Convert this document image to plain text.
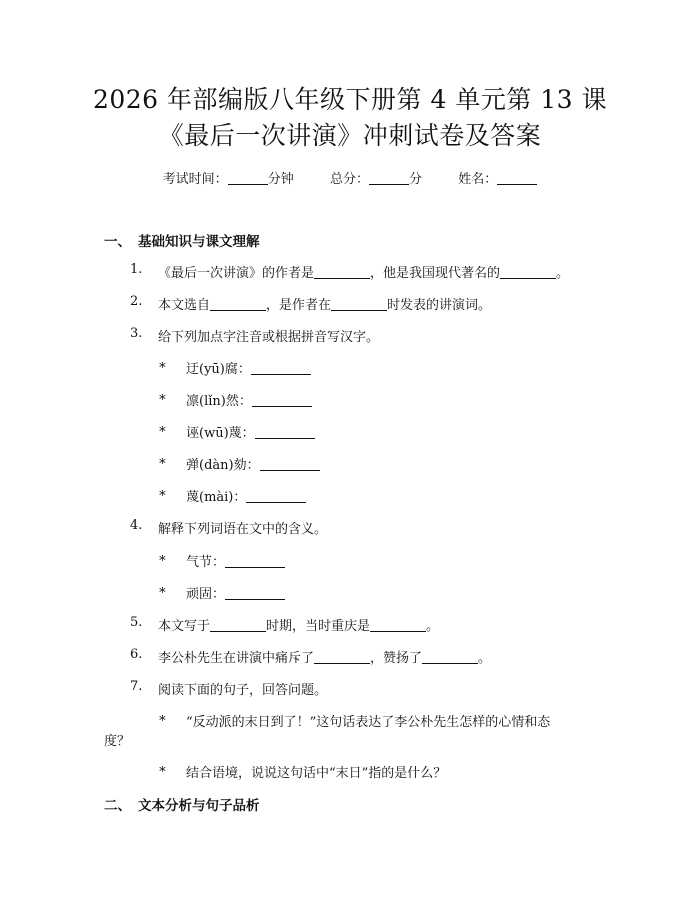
2026 年部编版八年级下册第 4 单元第 13 课
《最后一次讲演》冲刺试卷及答案
考试时间：	分钟	总分：	分	姓名：
一、 基础知识与课文理解
1.	《最后一次讲演》的作者是	，他是我国现代著名的	。
2.	本文选自	，是作者在	时发表的讲演词。
3.	给下列加点字注音或根据拼音写汉字。
∗ 迂(yū)腐：
∗ 凛(lǐn)然：
∗ 诬(wū)蔑：
∗ 弹(dàn)劾：
∗ 蔑(mài)：
4.	解释下列词语在文中的含义。
∗ 气节：
∗ 顽固：
5.	本文写于	时期，当时重庆是	。
6.	李公朴先生在讲演中痛斥了	，赞扬了	。
7.	阅读下面的句子，回答问题。
∗ “反动派的末日到了！”这句话表达了李公朴先生怎样的心情和态
度？
∗ 结合语境，说说这句话中“末日”指的是什么？
二、 文本分析与句子品析
